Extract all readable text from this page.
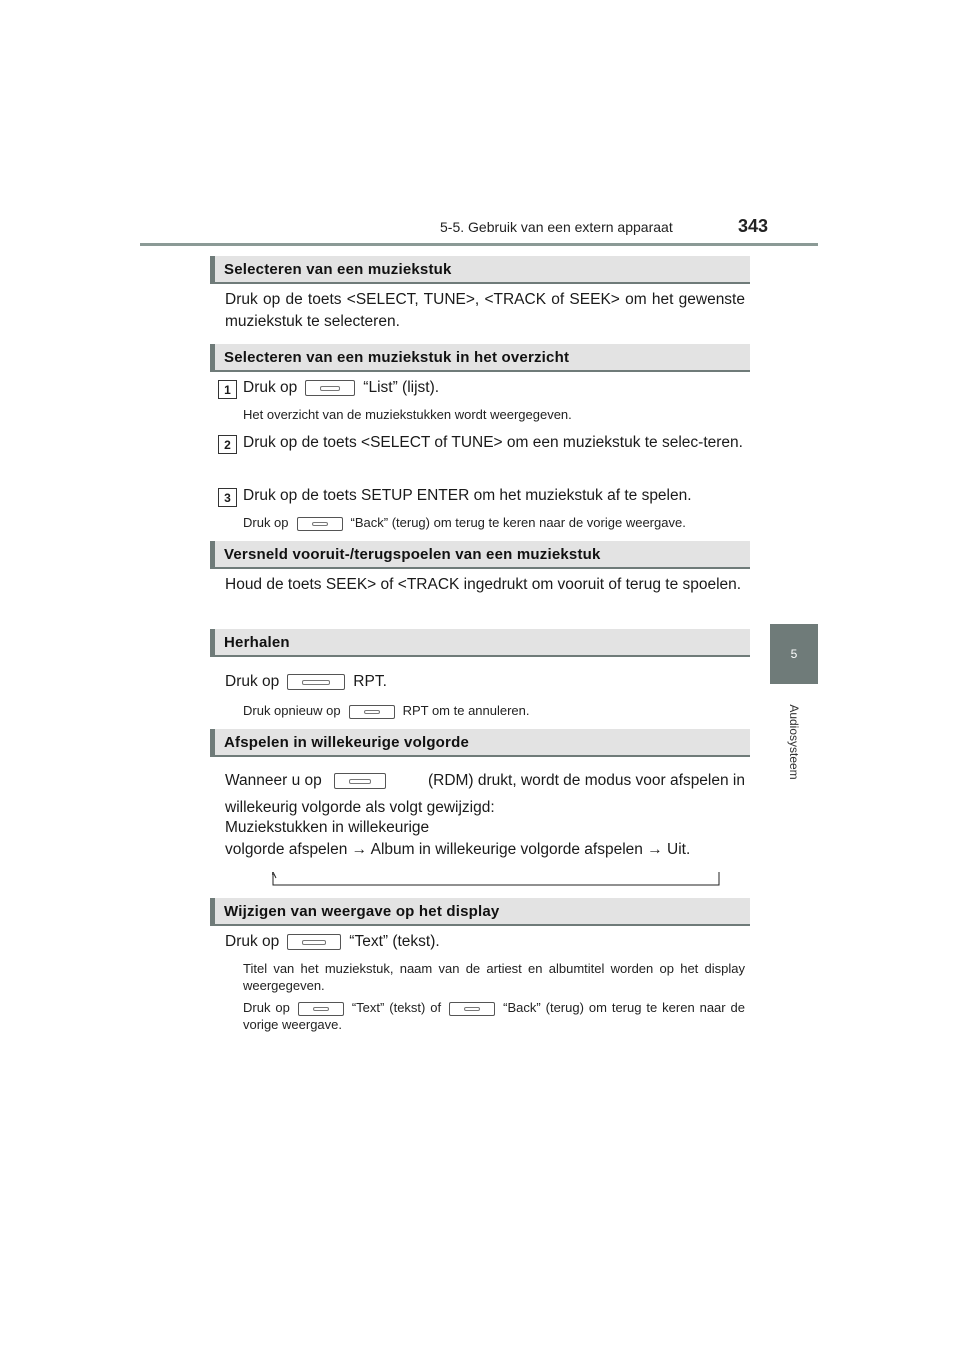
5-5. Gebruik van een extern apparaat	343
5
Audiosysteem
Selecteren van een muziekstuk
Druk op de toets <SELECT, TUNE>, <TRACK of SEEK> om het gewenste muziekstuk te selecteren.
Selecteren van een muziekstuk in het overzicht
1 Druk op	“List” (lijst).
Het overzicht van de muziekstukken wordt weergegeven.
2 Druk op de toets <SELECT of TUNE> om een muziekstuk te selec-teren.
3 Druk op de toets SETUP ENTER om het muziekstuk af te spelen.
Druk op	“Back” (terug) om terug te keren naar de vorige weergave.
Versneld vooruit-/terugspoelen van een muziekstuk
Houd de toets SEEK> of <TRACK ingedrukt om vooruit of terug te spoelen.
Herhalen
Druk op	RPT.
Druk opnieuw op	RPT om te annuleren.
Afspelen in willekeurige volgorde
Wanneer u op	(RDM) drukt, wordt de modus voor afspelen in
willekeurig volgorde als volgt gewijzigd:
Muziekstukken in willekeurige
volgorde afspelen → Album in willekeurige volgorde afspelen → Uit.
Wijzigen van weergave op het display
Druk op	“Text” (tekst).
Titel van het muziekstuk, naam van de artiest en albumtitel worden op het display weergegeven.
Druk op	“Text” (tekst) of	“Back” (terug) om terug te keren naar de vorige weergave.
